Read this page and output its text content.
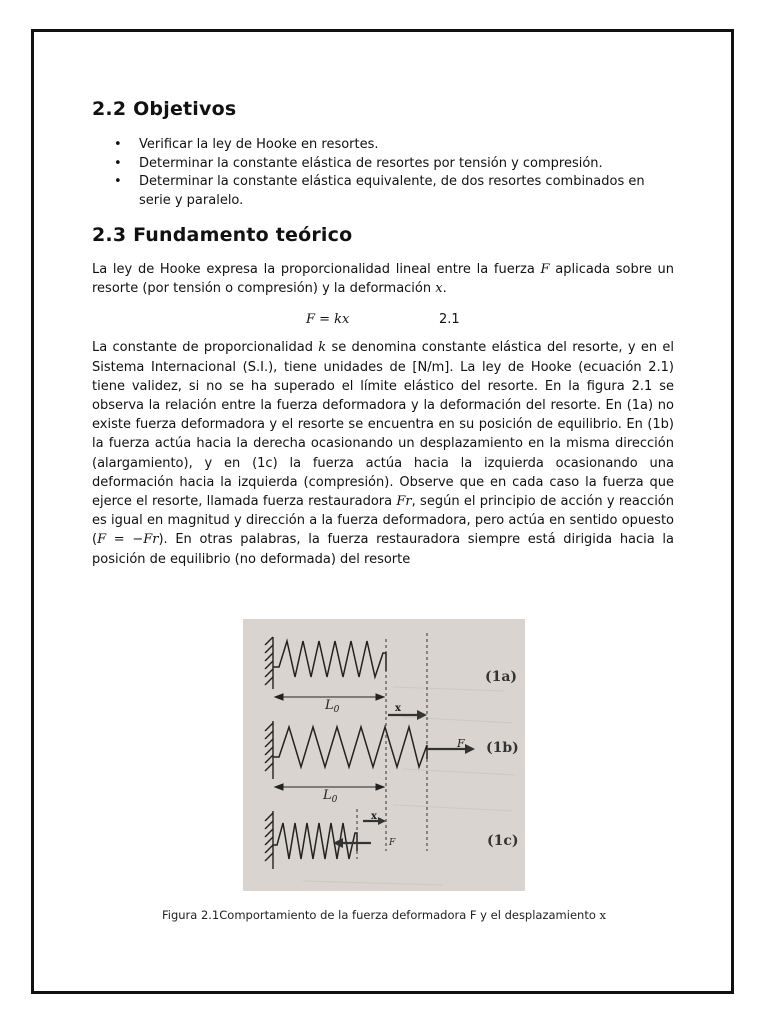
2.2 Objetivos
• Verificar la ley de Hooke en resortes.
• Determinar la constante elástica de resortes por tensión y compresión.
• Determinar la constante elástica equivalente, de dos resortes combinados en serie y paralelo.
2.3 Fundamento teórico

La ley de Hooke expresa la proporcionalidad lineal entre la fuerza F aplicada sobre un resorte (por tensión o compresión) y la deformación x.

F = kx	2.1

La constante de proporcionalidad k se denomina constante elástica del resorte, y en el Sistema Internacional (S.I.), tiene unidades de [N/m]. La ley de Hooke (ecuación 2.1) tiene validez, si no se ha superado el límite elástico del resorte. En la figura 2.1 se observa la relación entre la fuerza deformadora y la deformación del resorte. En (1a) no existe fuerza deformadora y el resorte se encuentra en su posición de equilibrio. En (1b) la fuerza actúa hacia la derecha ocasionando un desplazamiento en la misma dirección (alargamiento), y en (1c) la fuerza actúa hacia la izquierda ocasionando una deformación hacia la izquierda (compresión). Observe que en cada caso la fuerza que ejerce el resorte, llamada fuerza restauradora Fr, según el principio de acción y reacción es igual en magnitud y dirección a la fuerza deformadora, pero actúa en sentido opuesto (F = −Fr). En otras palabras, la fuerza restauradora siempre está dirigida hacia la posición de equilibrio (no deformada) del resorte

$L_0$
$L_0$
x
F
x
F
(1a)
(1b)
(1c)
Figura 2.1Comportamiento de la fuerza deformadora F y el desplazamiento x
